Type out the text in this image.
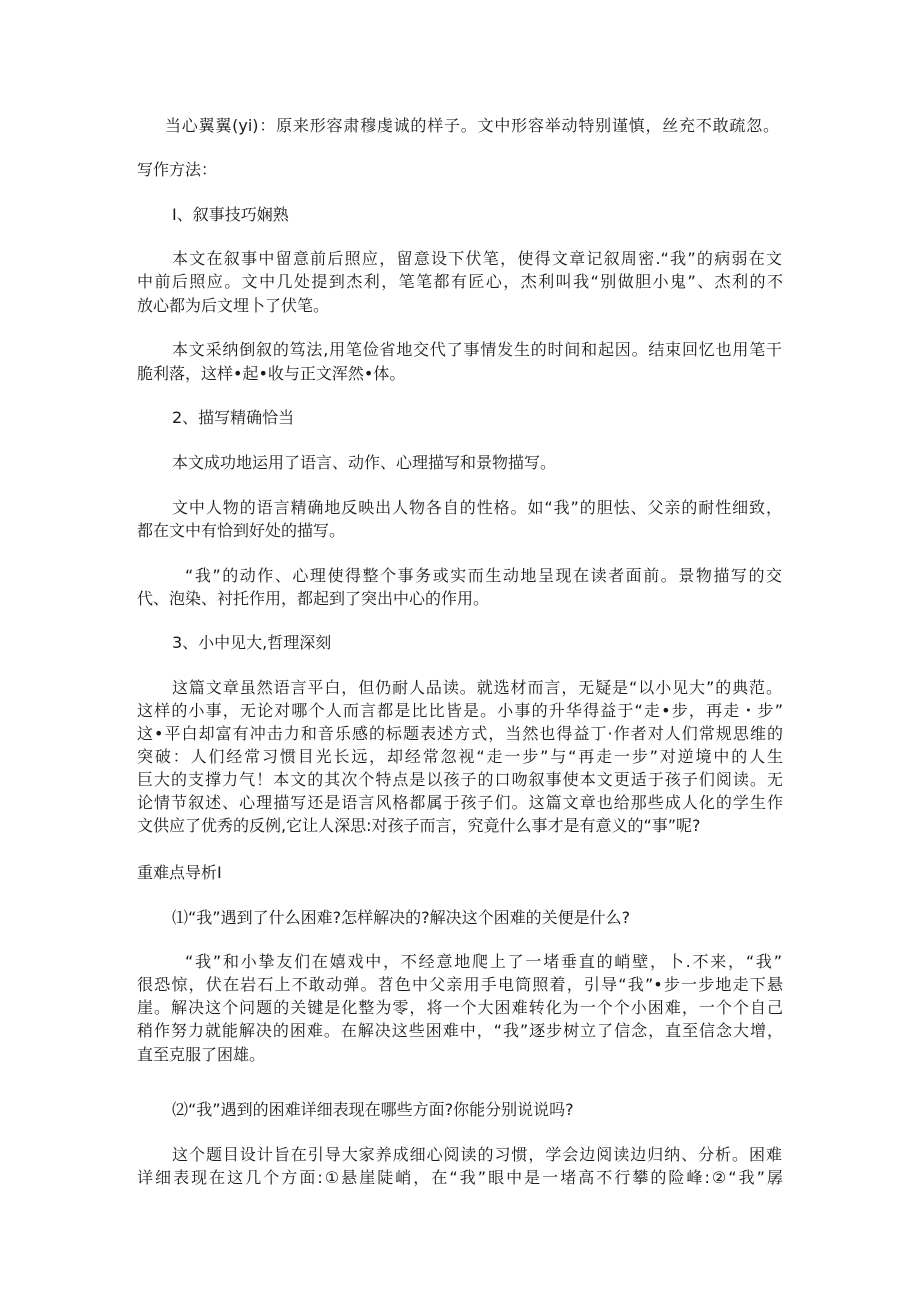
当心翼翼(yi)：原来形容肃穆虔诚的样子。文中形容举动特别谨慎，丝充不敢疏忽。
写作方法：
I、叙事技巧娴熟
本文在叙事中留意前后照应，留意设下伏笔，使得文章记叙周密.“我”的病弱在文
中前后照应。文中几处提到杰利，笔笔都有匠心，杰利叫我“别做胆小鬼”、杰利的不
放心都为后文埋卜了伏笔。
本文采纳倒叙的笃法,用笔俭省地交代了事情发生的时间和起因。结束回忆也用笔干
脆利落，这样•起•收与正文浑然•体。
2、描写精确恰当
本文成功地运用了语言、动作、心理描写和景物描写。
文中人物的语言精确地反映出人物各自的性格。如“我”的胆怯、父亲的耐性细致，
都在文中有恰到好处的描写。
“我”的动作、心理使得整个事务或实而生动地呈现在读者面前。景物描写的交
代、泡染、衬托作用，都起到了突出中心的作用。
3、小中见大,哲理深刻
这篇文章虽然语言平白，但仍耐人品读。就选材而言，无疑是“以小见大”的典范。
这样的小事，无论对哪个人而言都是比比皆是。小事的升华得益于“走•步，再走・步”
这•平白却富有冲击力和音乐感的标题表述方式，当然也得益丁·作者对人们常规思维的
突破：人们经常习惯目光长远，却经常忽视“走一步”与“再走一步”对逆境中的人生
巨大的支撑力气！本文的其次个特点是以孩子的口吻叙事使本文更适于孩子们阅读。无
论情节叙述、心理描写还是语言风格都属于孩子们。这篇文章也给那些成人化的学生作
文供应了优秀的反例,它让人深思:对孩子而言，究竟什么事才是有意义的“事”呢?
重难点导析I
⑴“我”遇到了什么困难?怎样解决的?解决这个困难的关便是什么?
“我”和小挚友们在嬉戏中，不经意地爬上了一堵垂直的峭壁，卜.不来，“我”
很恐惊，伏在岩石上不敢动弹。苕色中父亲用手电筒照着，引导“我”•步一步地走下悬
崖。解决这个问题的关键是化整为零，将一个大困难转化为一个个小困难，一个个自己
稍作努力就能解决的困难。在解决这些困难中，“我”逐步树立了信念，直至信念大增，
直至克服了困雄。
⑵“我”遇到的困难详细表现在哪些方面?你能分别说说吗?
这个题目设计旨在引导大家养成细心阅读的习惯，学会边阅读边归纳、分析。困难
详细表现在这几个方面:①悬崖陡峭，在“我”眼中是一堵高不行攀的险峰:②“我”孱
